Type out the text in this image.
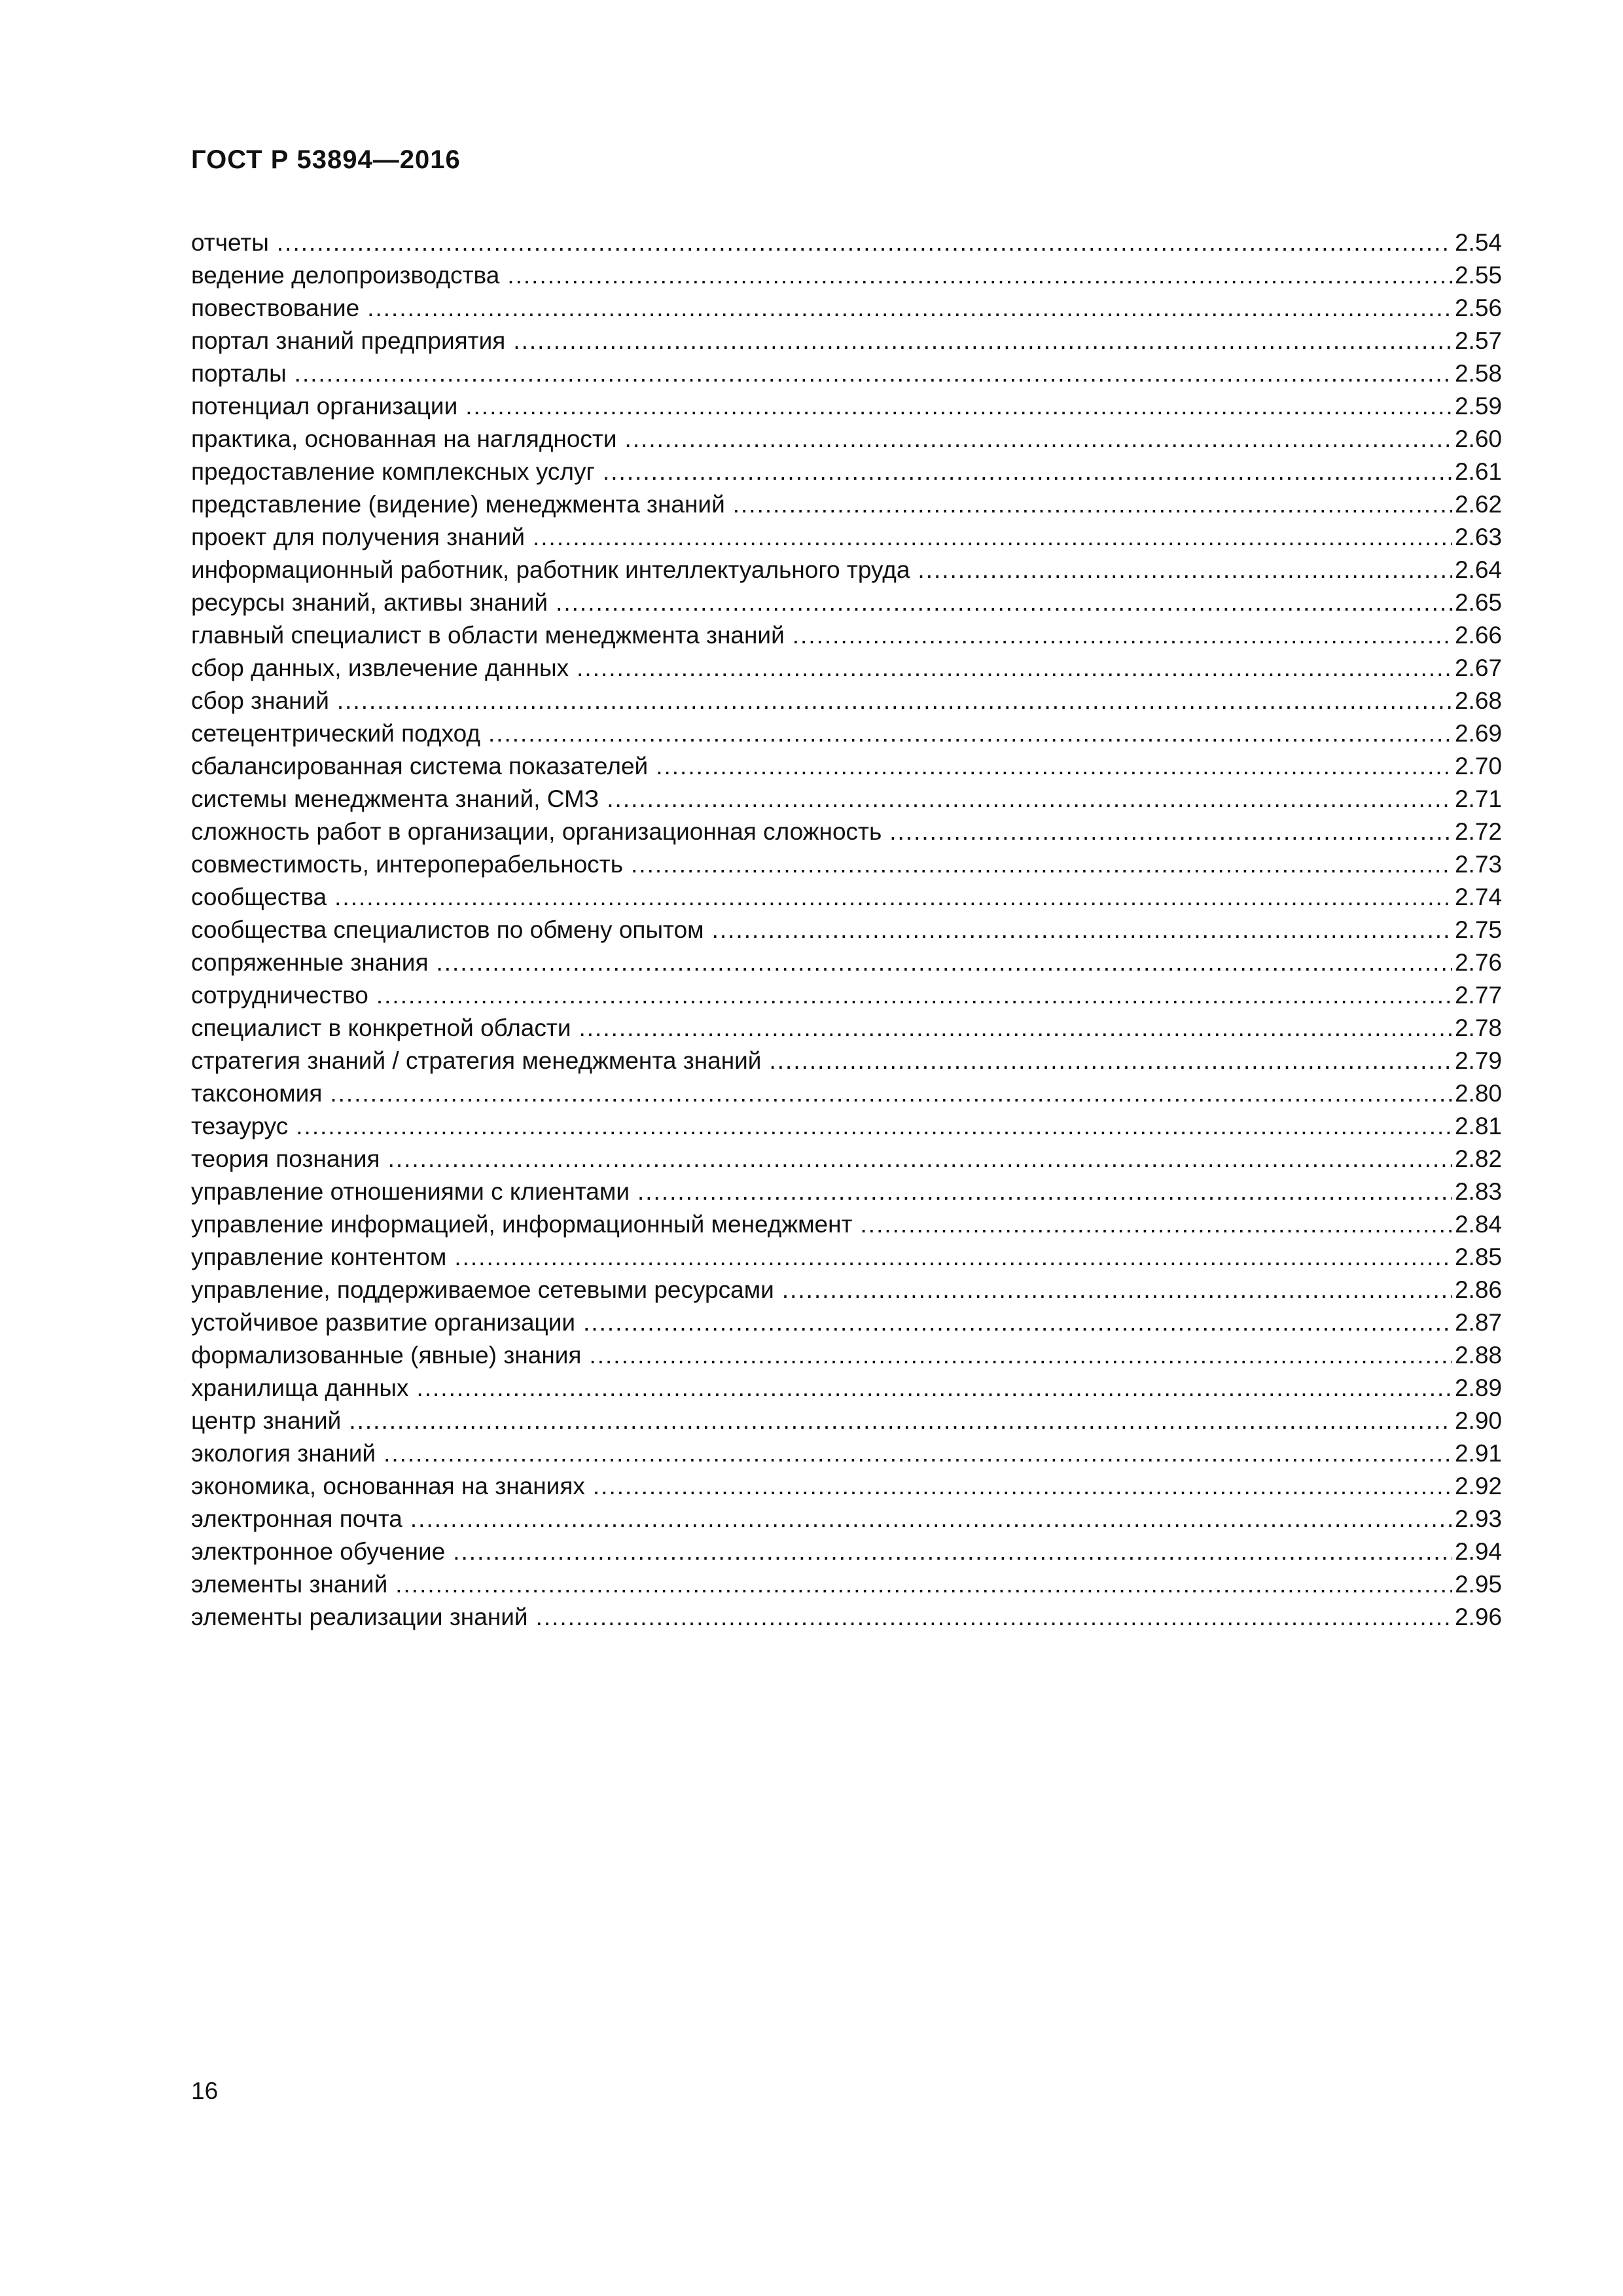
ГОСТ Р 53894—2016
отчеты .....	2.54
ведение делопроизводства .....	2.55
повествование .....	2.56
портал знаний предприятия .....	2.57
порталы .....	2.58
потенциал организации .....	2.59
практика, основанная на наглядности .....	2.60
предоставление комплексных услуг .....	2.61
представление (видение) менеджмента знаний .....	2.62
проект для получения знаний .....	2.63
информационный работник, работник интеллектуального труда .....	2.64
ресурсы знаний, активы знаний .....	2.65
главный специалист в области менеджмента знаний .....	2.66
сбор данных, извлечение данных .....	2.67
сбор знаний .....	2.68
сетецентрический подход .....	2.69
сбалансированная система показателей .....	2.70
системы менеджмента знаний, СМЗ .....	2.71
сложность работ в организации, организационная сложность .....	2.72
совместимость, интероперабельность .....	2.73
сообщества .....	2.74
сообщества специалистов по обмену опытом .....	2.75
сопряженные знания .....	2.76
сотрудничество .....	2.77
специалист в конкретной области .....	2.78
стратегия знаний / стратегия менеджмента знаний .....	2.79
таксономия .....	2.80
тезаурус .....	2.81
теория познания .....	2.82
управление отношениями с клиентами .....	2.83
управление информацией, информационный менеджмент .....	2.84
управление контентом .....	2.85
управление, поддерживаемое сетевыми ресурсами .....	2.86
устойчивое развитие организации .....	2.87
формализованные (явные) знания .....	2.88
хранилища данных .....	2.89
центр знаний .....	2.90
экология знаний .....	2.91
экономика, основанная на знаниях .....	2.92
электронная почта .....	2.93
электронное обучение .....	2.94
элементы знаний .....	2.95
элементы реализации знаний .....	2.96
16
